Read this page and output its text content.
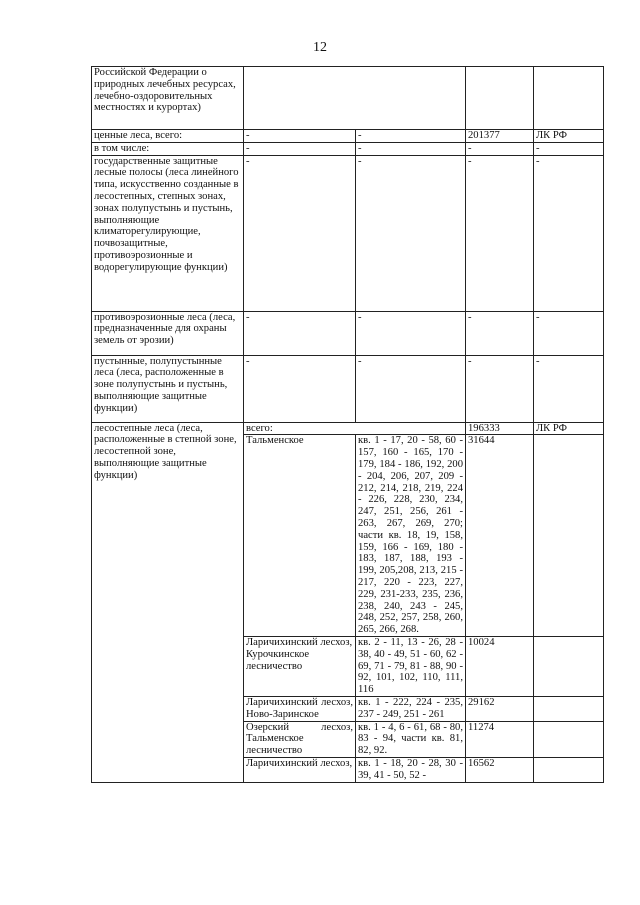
12
Российской Федерации о природных лечебных ресурсах, лечебно-оздоровительных местностях и курортах)				
ценные леса, всего:	-	-	201377	ЛК РФ
в том числе:	-	-	-	-
государственные защитные лесные полосы (леса линейного типа, искусственно созданные в лесостепных, степных зонах, зонах полупустынь и пустынь, выполняющие климаторегулирующие, почвозащитные, противоэрозионные и водорегулирующие функции)	-	-	-	-
противоэрозионные леса (леса, предназначенные для охраны земель от эрозии)	-	-	-	-
пустынные, полупустынные леса (леса, расположенные в зоне полупустынь и пустынь, выполняющие защитные функции)	-	-	-	-
лесостепные леса (леса, расположенные в степной зоне, лесостепной зоне, выполняющие защитные функции)	всего:		196333	ЛК РФ
	Тальменское	кв. 1 - 17, 20 - 58, 60 - 157, 160 - 165, 170 - 179, 184 - 186, 192, 200 - 204, 206, 207, 209 - 212, 214, 218, 219, 224 - 226, 228, 230, 234, 247, 251, 256, 261 - 263, 267, 269, 270; части кв. 18, 19, 158, 159, 166 - 169, 180 - 183, 187, 188, 193 - 199, 205,208, 213, 215 - 217, 220 - 223, 227, 229, 231-233, 235, 236, 238, 240, 243 - 245, 248, 252, 257, 258, 260, 265, 266, 268.	31644	
	Ларичихинский лесхоз, Курочкинское лесничество	кв. 2 - 11, 13 - 26, 28 - 38, 40 - 49, 51 - 60, 62 - 69, 71 - 79, 81 - 88, 90 - 92, 101, 102, 110, 111, 116	10024	
	Ларичихинский лесхоз, Ново-Заринское	кв. 1 - 222, 224 - 235, 237 - 249, 251 - 261	29162	
	Озерский лесхоз, Тальменское лесничество	кв. 1 - 4, 6 - 61, 68 - 80, 83 - 94, части кв. 81, 82, 92.	11274	
	Ларичихинский лесхоз,	кв. 1 - 18, 20 - 28, 30 - 39, 41 - 50, 52 -	16562	
